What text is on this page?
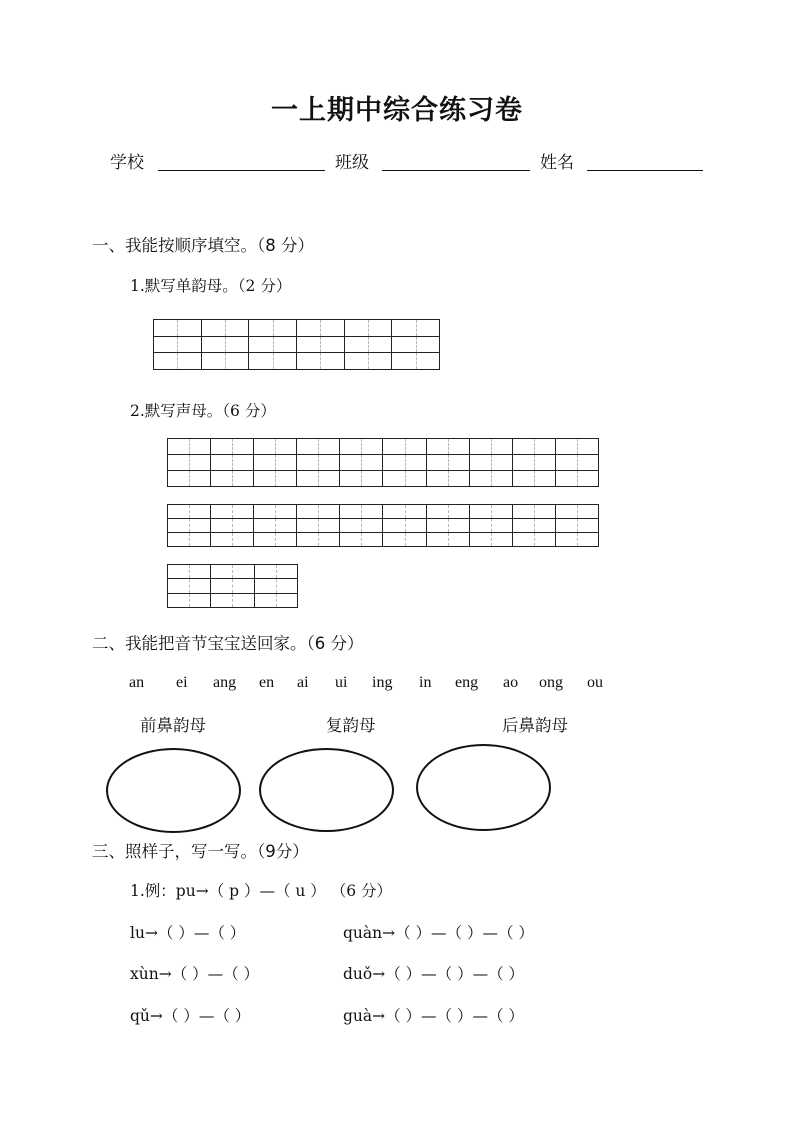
一上期中综合练习卷
学校	班级	姓名
一、我能按顺序填空。（8 分）
1.默写单韵母。（2 分）

2.默写声母。（6 分）

二、我能把音节宝宝送回家。（6 分）
an ei ang en ai ui ing in eng ao ong ou
前鼻韵母	复韵母	后鼻韵母
三、照样子，写一写。（9分）
1.例：pu→（ p ）—（ u ） （6 分）
lu→（ ）—（ ）	quàn→（ ）—（ ）—（ ）
xùn→（ ）—（ ）	duǒ→（ ）—（ ）—（ ）
qǔ→（ ）—（ ）	guà→（ ）—（ ）—（ ）
